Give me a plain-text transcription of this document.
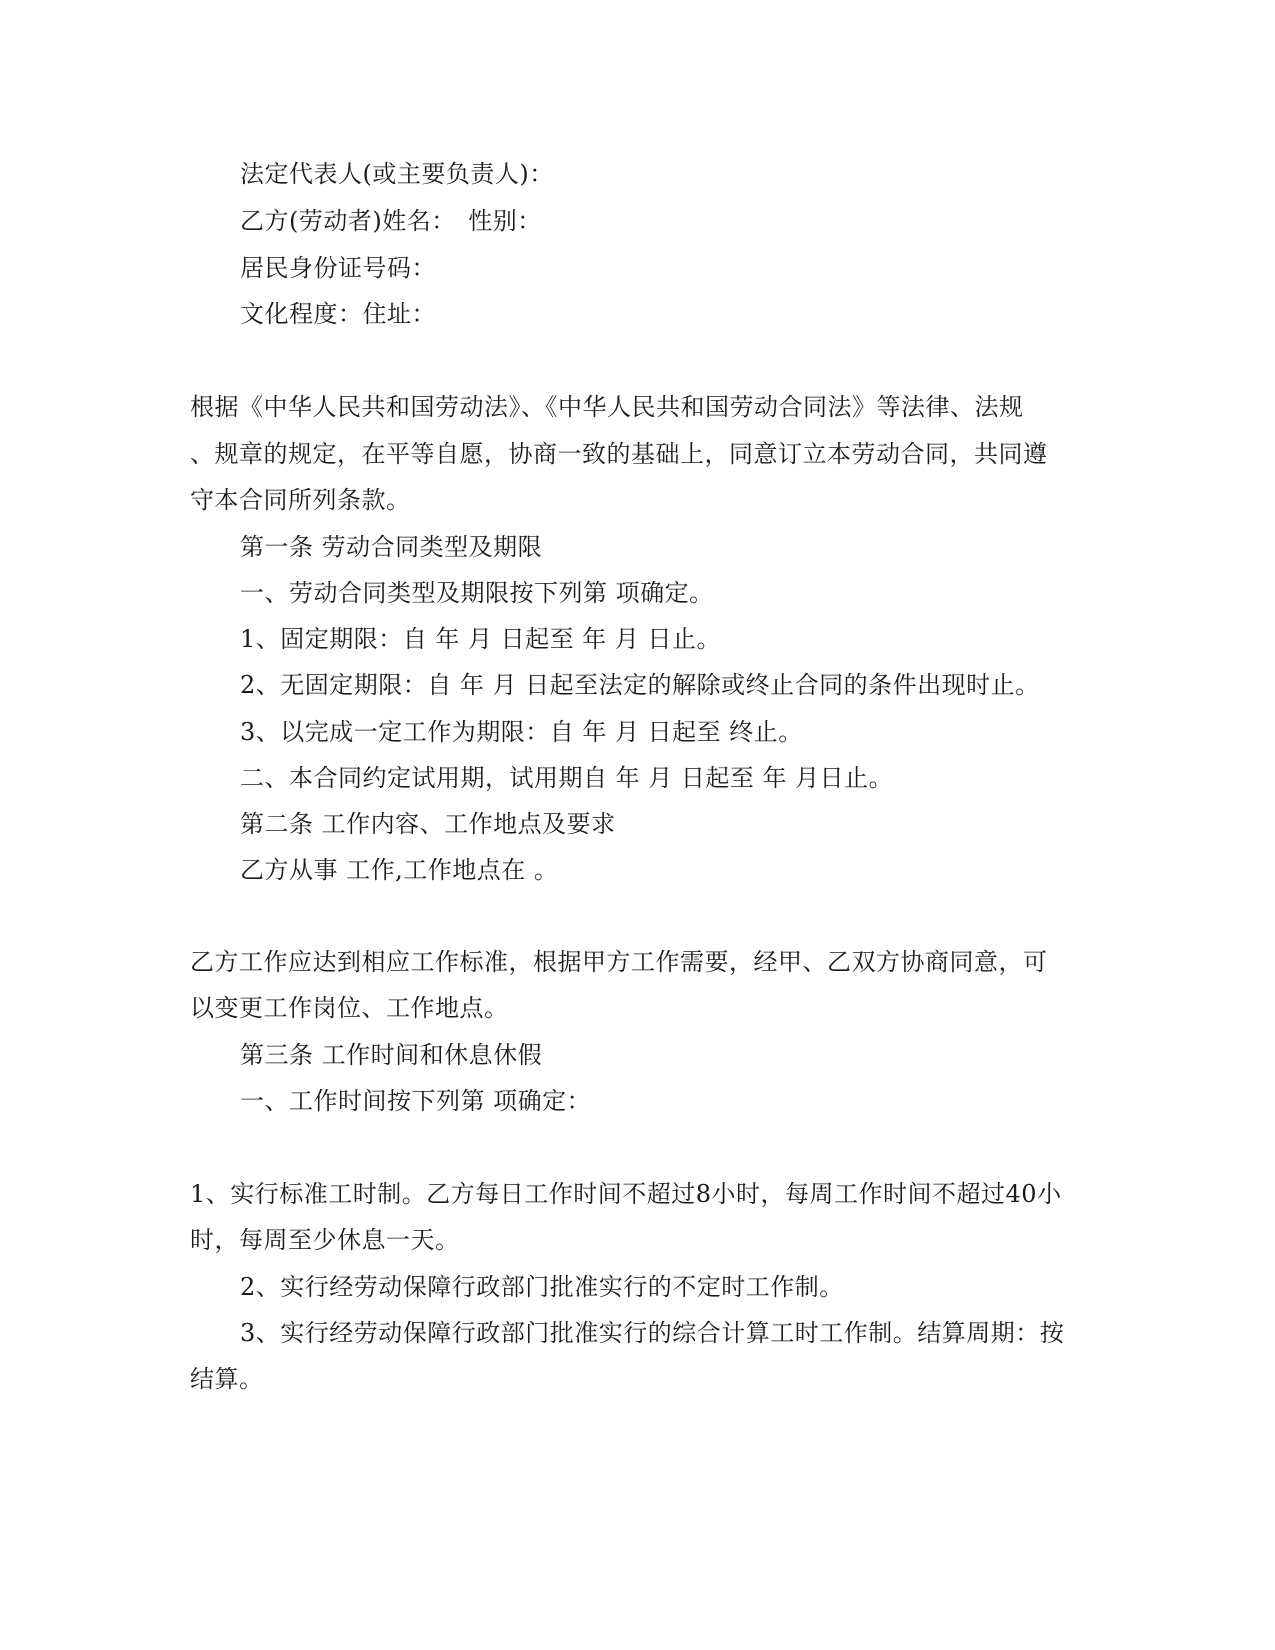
法定代表人(或主要负责人)：
乙方(劳动者)姓名：　性别：
居民身份证号码：
文化程度：住址：
根据《中华人民共和国劳动法》、《中华人民共和国劳动合同法》等法律、法规
、规章的规定，在平等自愿，协商一致的基础上，同意订立本劳动合同，共同遵
守本合同所列条款。
第一条 劳动合同类型及期限
一、劳动合同类型及期限按下列第 项确定。
1、固定期限：自 年 月 日起至 年 月 日止。
2、无固定期限：自 年 月 日起至法定的解除或终止合同的条件出现时止。
3、以完成一定工作为期限：自 年 月 日起至 终止。
二、本合同约定试用期，试用期自 年 月 日起至 年 月日止。
第二条 工作内容、工作地点及要求
乙方从事 工作,工作地点在 。
乙方工作应达到相应工作标准，根据甲方工作需要，经甲、乙双方协商同意，可
以变更工作岗位、工作地点。
第三条 工作时间和休息休假
一、工作时间按下列第 项确定：
1、实行标准工时制。乙方每日工作时间不超过8小时，每周工作时间不超过40小
时，每周至少休息一天。
2、实行经劳动保障行政部门批准实行的不定时工作制。
3、实行经劳动保障行政部门批准实行的综合计算工时工作制。结算周期：按
结算。
